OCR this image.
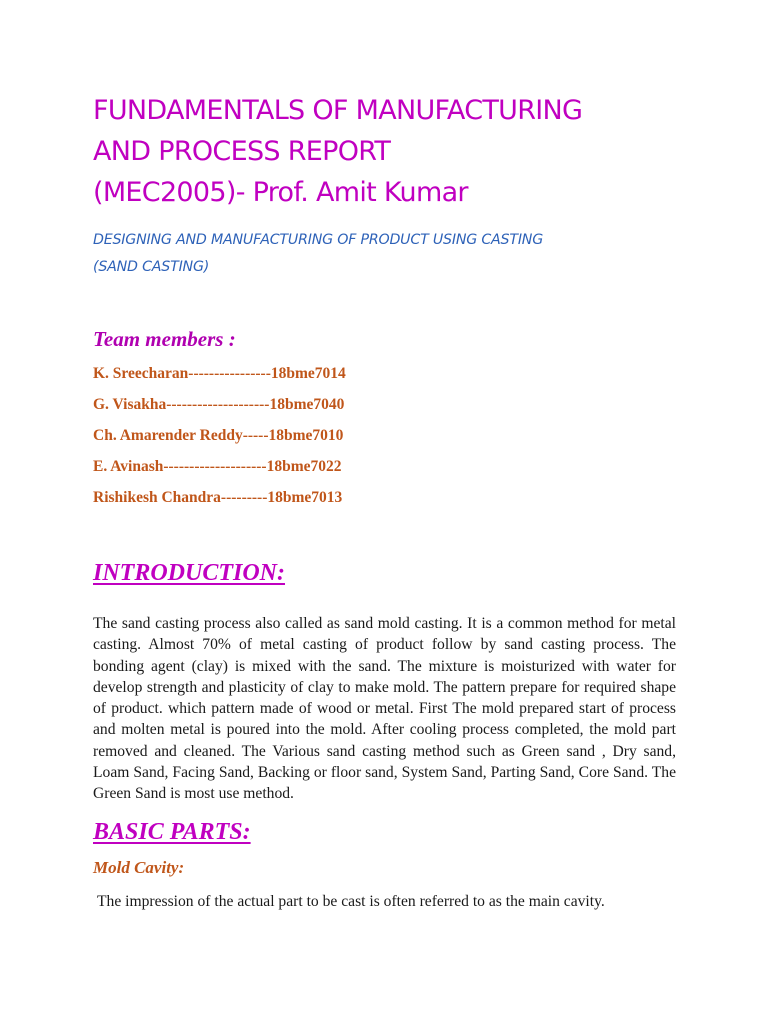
FUNDAMENTALS OF MANUFACTURING
AND PROCESS REPORT
(MEC2005)- Prof. Amit Kumar
DESIGNING AND MANUFACTURING OF PRODUCT USING CASTING
(SAND CASTING)
Team members :
K. Sreecharan----------------18bme7014
G. Visakha--------------------18bme7040
Ch. Amarender Reddy-----18bme7010
E. Avinash--------------------18bme7022
Rishikesh Chandra---------18bme7013
INTRODUCTION:

The sand casting process also called as sand mold casting. It is a common method for metal casting. Almost 70% of metal casting of product follow by sand casting process. The bonding agent (clay) is mixed with the sand. The mixture is moisturized with water for develop strength and plasticity of clay to make mold. The pattern prepare for required shape of product. which pattern made of wood or metal. First The mold prepared start of process and molten metal is poured into the mold. After cooling process completed, the mold part removed and cleaned. The Various sand casting method such as Green sand , Dry sand, Loam Sand, Facing Sand, Backing or floor sand, System Sand, Parting Sand, Core Sand. The Green Sand is most use method.

BASIC PARTS:
Mold Cavity:

The impression of the actual part to be cast is often referred to as the main cavity.
